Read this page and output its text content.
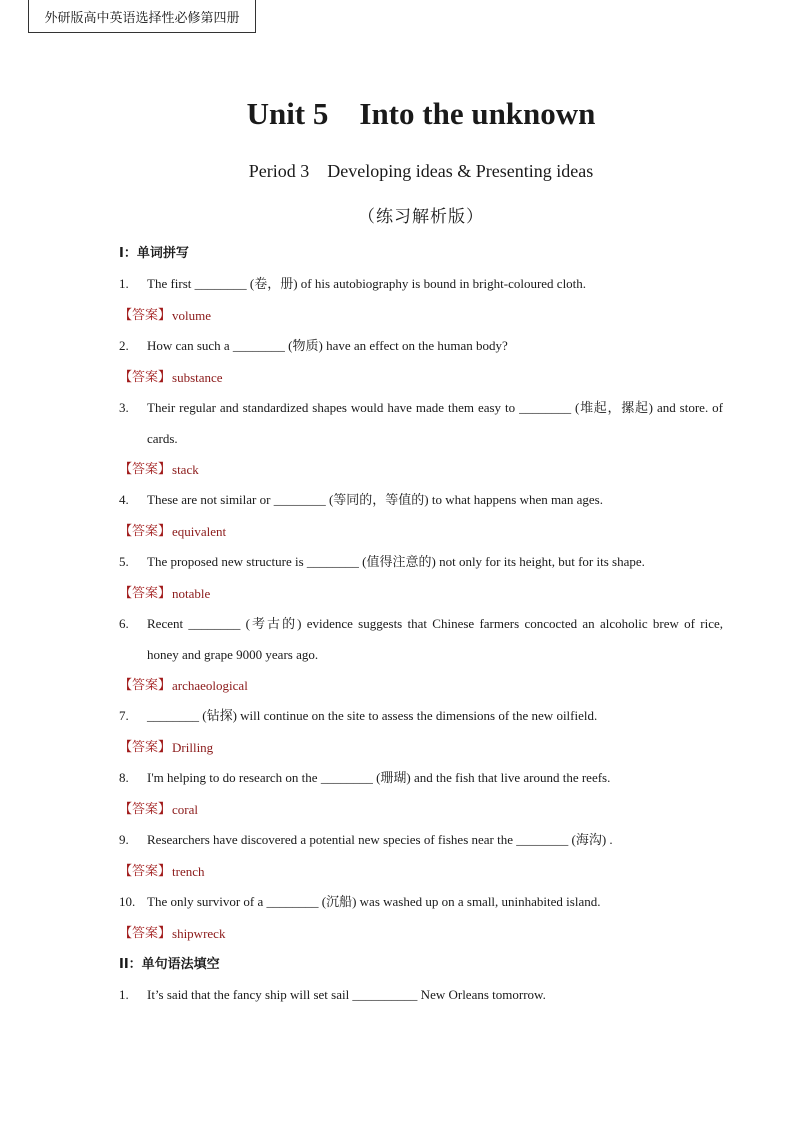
外研版高中英语选择性必修第四册
Unit 5    Into the unknown
Period 3    Developing ideas & Presenting ideas
（练习解析版）
I：单词拼写
1.	The first ________ (卷，册) of his autobiography is bound in bright-coloured cloth.
【答案】 volume
2.	How can such a ________ (物质) have an effect on the human body?
【答案】 substance
3.	Their regular and standardized shapes would have made them easy to ________ (堆起，摞起) and store. of cards.
【答案】 stack
4.	These are not similar or ________ (等同的，等值的) to what happens when man ages.
【答案】 equivalent
5.	The proposed new structure is ________ (值得注意的) not only for its height, but for its shape.
【答案】 notable
6.	Recent ________ (考古的) evidence suggests that Chinese farmers concocted an alcoholic brew of rice, honey and grape 9000 years ago.
【答案】 archaeological
7.	________ (钻探) will continue on the site to assess the dimensions of the new oilfield.
【答案】 Drilling
8.	I'm helping to do research on the ________ (珊瑚) and the fish that live around the reefs.
【答案】 coral
9.	Researchers have discovered a potential new species of fishes near the ________ (海沟) .
【答案】 trench
10. The only survivor of a ________ (沉船) was washed up on a small, uninhabited island.
【答案】 shipwreck
II：单句语法填空
1.	It’s said that the fancy ship will set sail __________ New Orleans tomorrow.
